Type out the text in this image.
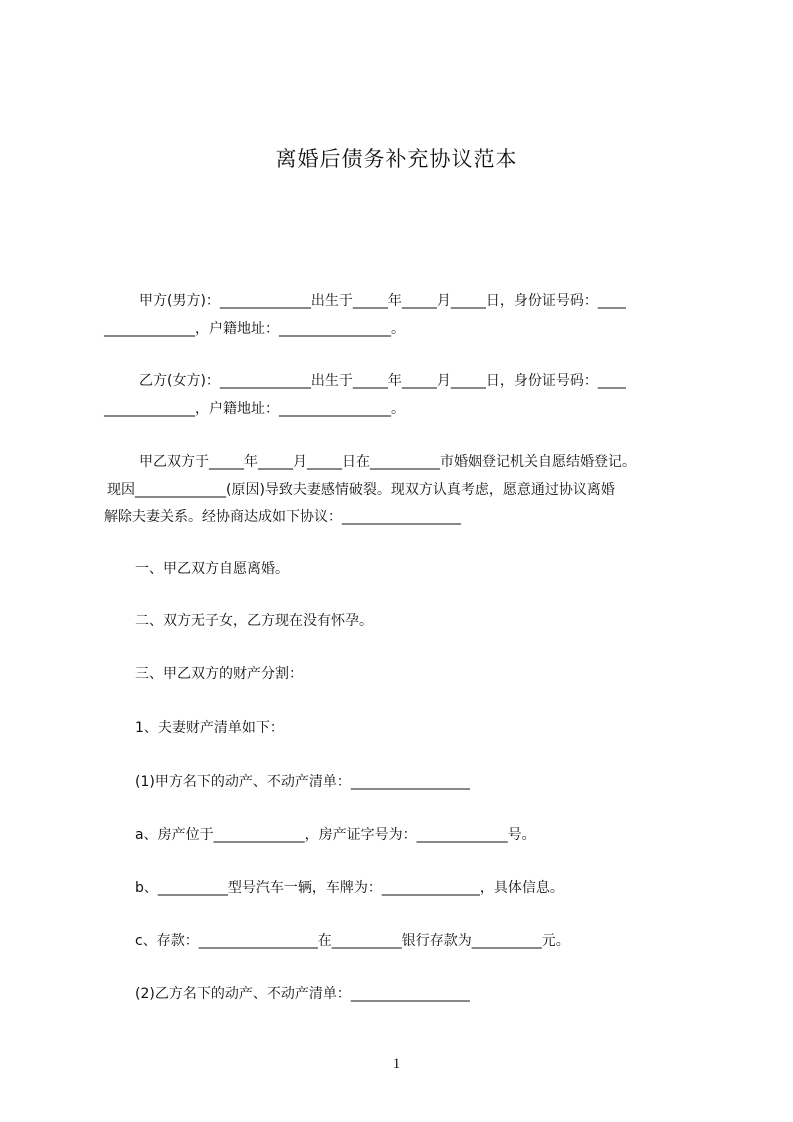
离婚后债务补充协议范本
甲方(男方)：_____________出生于_____年_____月_____日，身份证号码：____
_____________，户籍地址：________________。
乙方(女方)：_____________出生于_____年_____月_____日，身份证号码：____
_____________，户籍地址：________________。
甲乙双方于_____年_____月_____日在__________市婚姻登记机关自愿结婚登记。
现因_____________(原因)导致夫妻感情破裂。现双方认真考虑，愿意通过协议离婚
解除夫妻关系。经协商达成如下协议：_________________
一、甲乙双方自愿离婚。
二、双方无子女，乙方现在没有怀孕。
三、甲乙双方的财产分割：
1、夫妻财产清单如下：
(1)甲方名下的动产、不动产清单：_________________
a、房产位于_____________，房产证字号为：_____________号。
b、__________型号汽车一辆，车牌为：______________，具体信息。
c、存款：_________________在__________银行存款为__________元。
(2)乙方名下的动产、不动产清单：_________________
1
